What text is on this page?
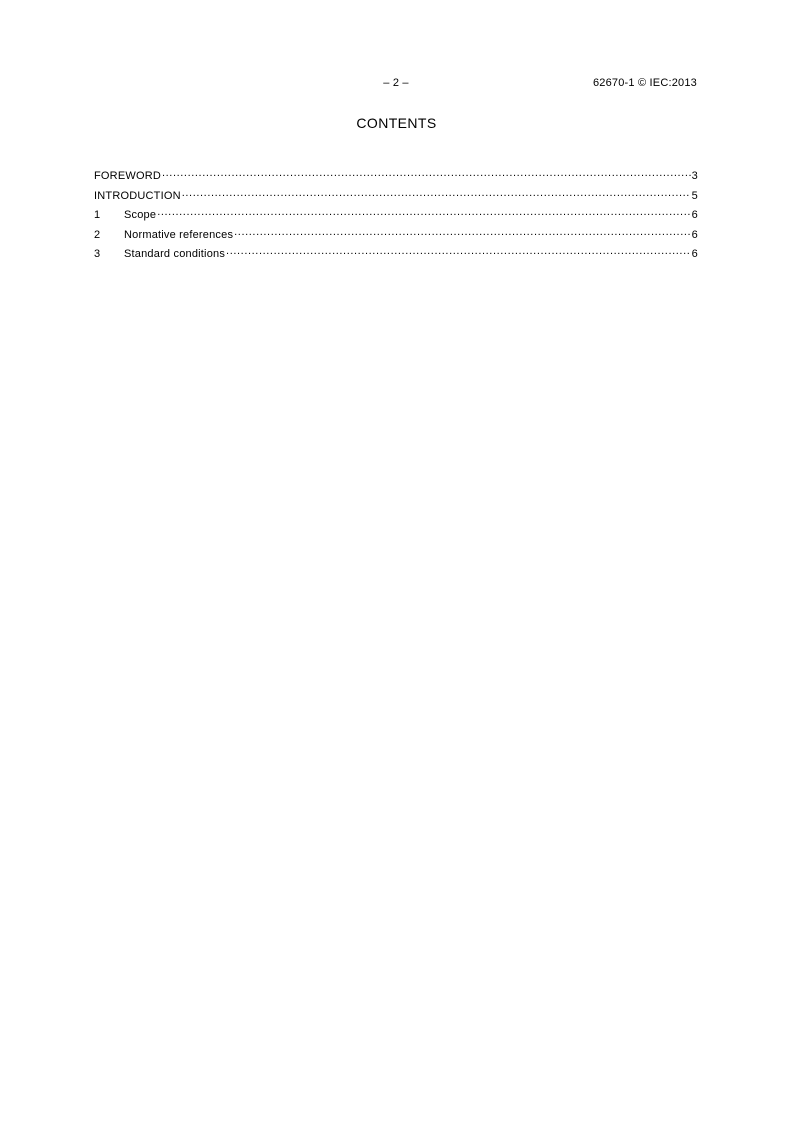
– 2 –	62670-1 © IEC:2013
CONTENTS
FOREWORD .....	3
INTRODUCTION .....	5
1	Scope .....	6
2	Normative references .....	6
3	Standard conditions .....	6
